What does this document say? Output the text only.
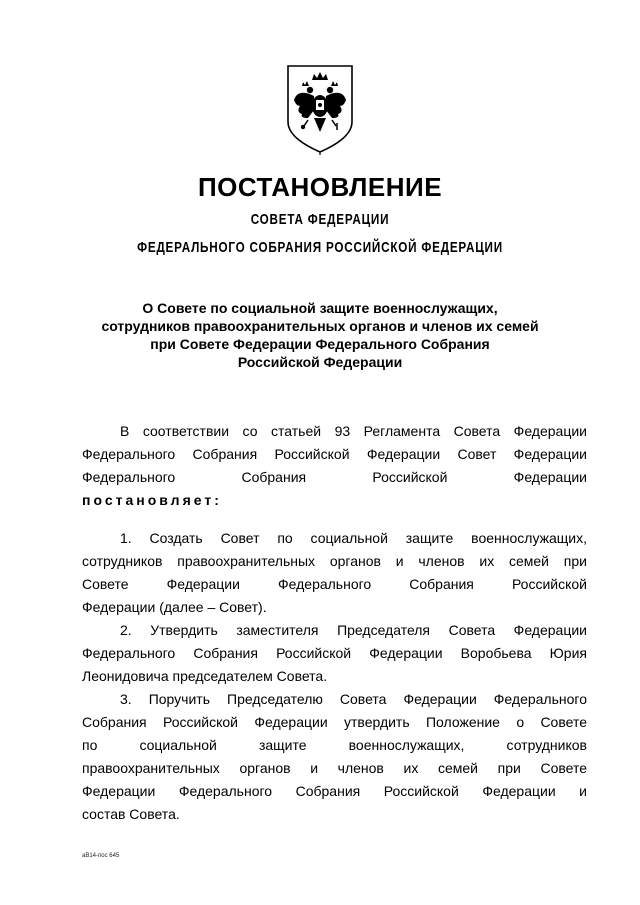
ПОСТАНОВЛЕНИЕ
СОВЕТА ФЕДЕРАЦИИ
ФЕДЕРАЛЬНОГО СОБРАНИЯ РОССИЙСКОЙ ФЕДЕРАЦИИ
О Совете по социальной защите военнослужащих,
сотрудников правоохранительных органов и членов их семей
при Совете Федерации Федерального Собрания
Российской Федерации
В соответствии со статьей 93 Регламента Совета Федерации
Федерального Собрания Российской Федерации Совет Федерации
Федерального Собрания Российской Федерации
постановляет:
1. Создать Совет по социальной защите военнослужащих,
сотрудников правоохранительных органов и членов их семей при
Совете Федерации Федерального Собрания Российской
Федерации (далее – Совет).
2. Утвердить заместителя Председателя Совета Федерации
Федерального Собрания Российской Федерации Воробьева Юрия
Леонидовича председателем Совета.
3. Поручить Председателю Совета Федерации Федерального
Собрания Российской Федерации утвердить Положение о Совете
по социальной защите военнослужащих, сотрудников
правоохранительных органов и членов их семей при Совете
Федерации Федерального Собрания Российской Федерации и
состав Совета.
aB14-пос 645
